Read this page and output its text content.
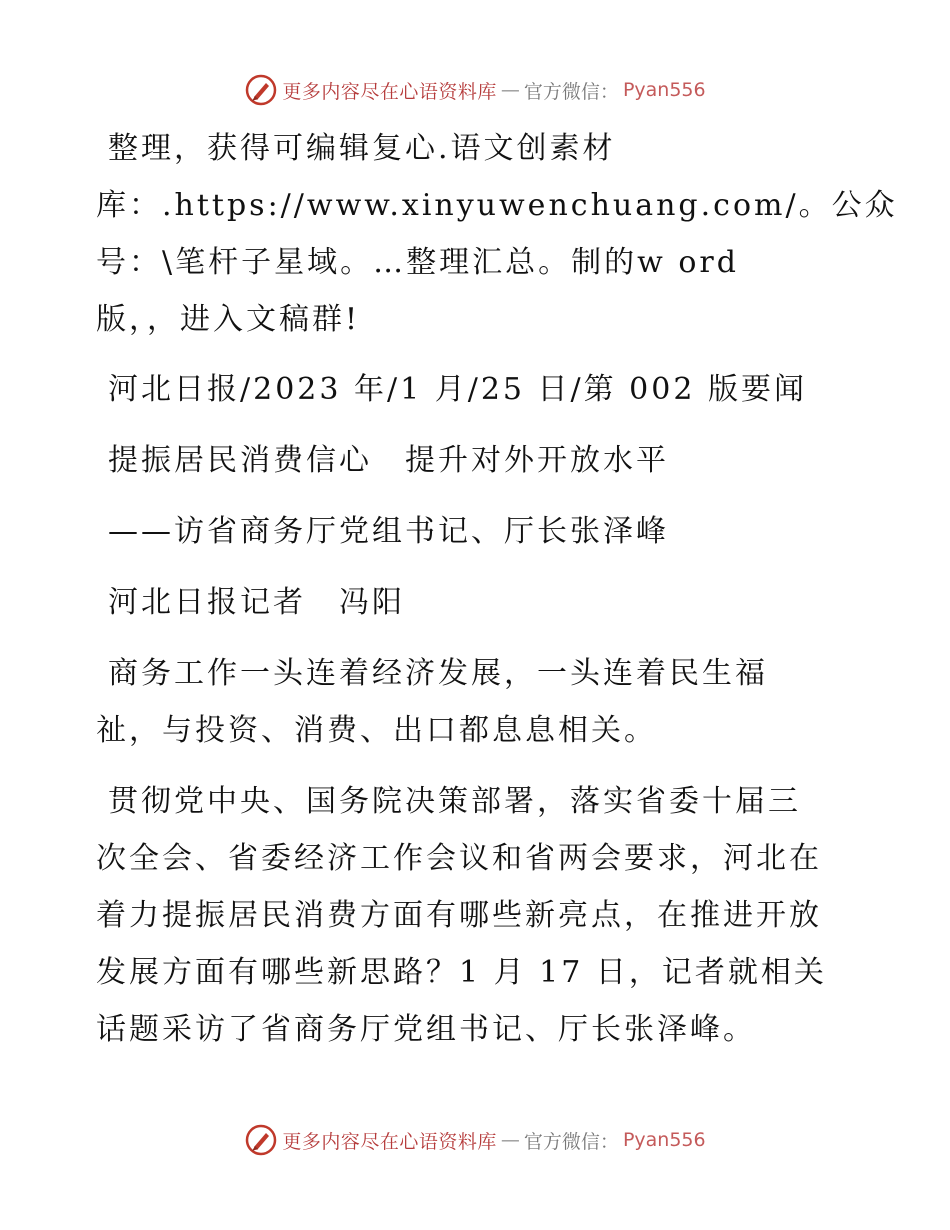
更多内容尽在心语资料库 — 官方微信： Pyan556
整理，获得可编辑复心.语文创素材
库：.https://www.xinyuwenchuang.com/。公众
号：\笔杆子星域。…整理汇总。制的w ord
版，，进入文稿群!
河北日报/2023 年/1 月/25 日/第 002 版要闻
提振居民消费信心　提升对外开放水平
——访省商务厅党组书记、厅长张泽峰
河北日报记者　冯阳
商务工作一头连着经济发展，一头连着民生福
祉，与投资、消费、出口都息息相关。
贯彻党中央、国务院决策部署，落实省委十届三
次全会、省委经济工作会议和省两会要求，河北在
着力提振居民消费方面有哪些新亮点，在推进开放
发展方面有哪些新思路？1 月 17 日，记者就相关
话题采访了省商务厅党组书记、厅长张泽峰。
更多内容尽在心语资料库 — 官方微信： Pyan556
